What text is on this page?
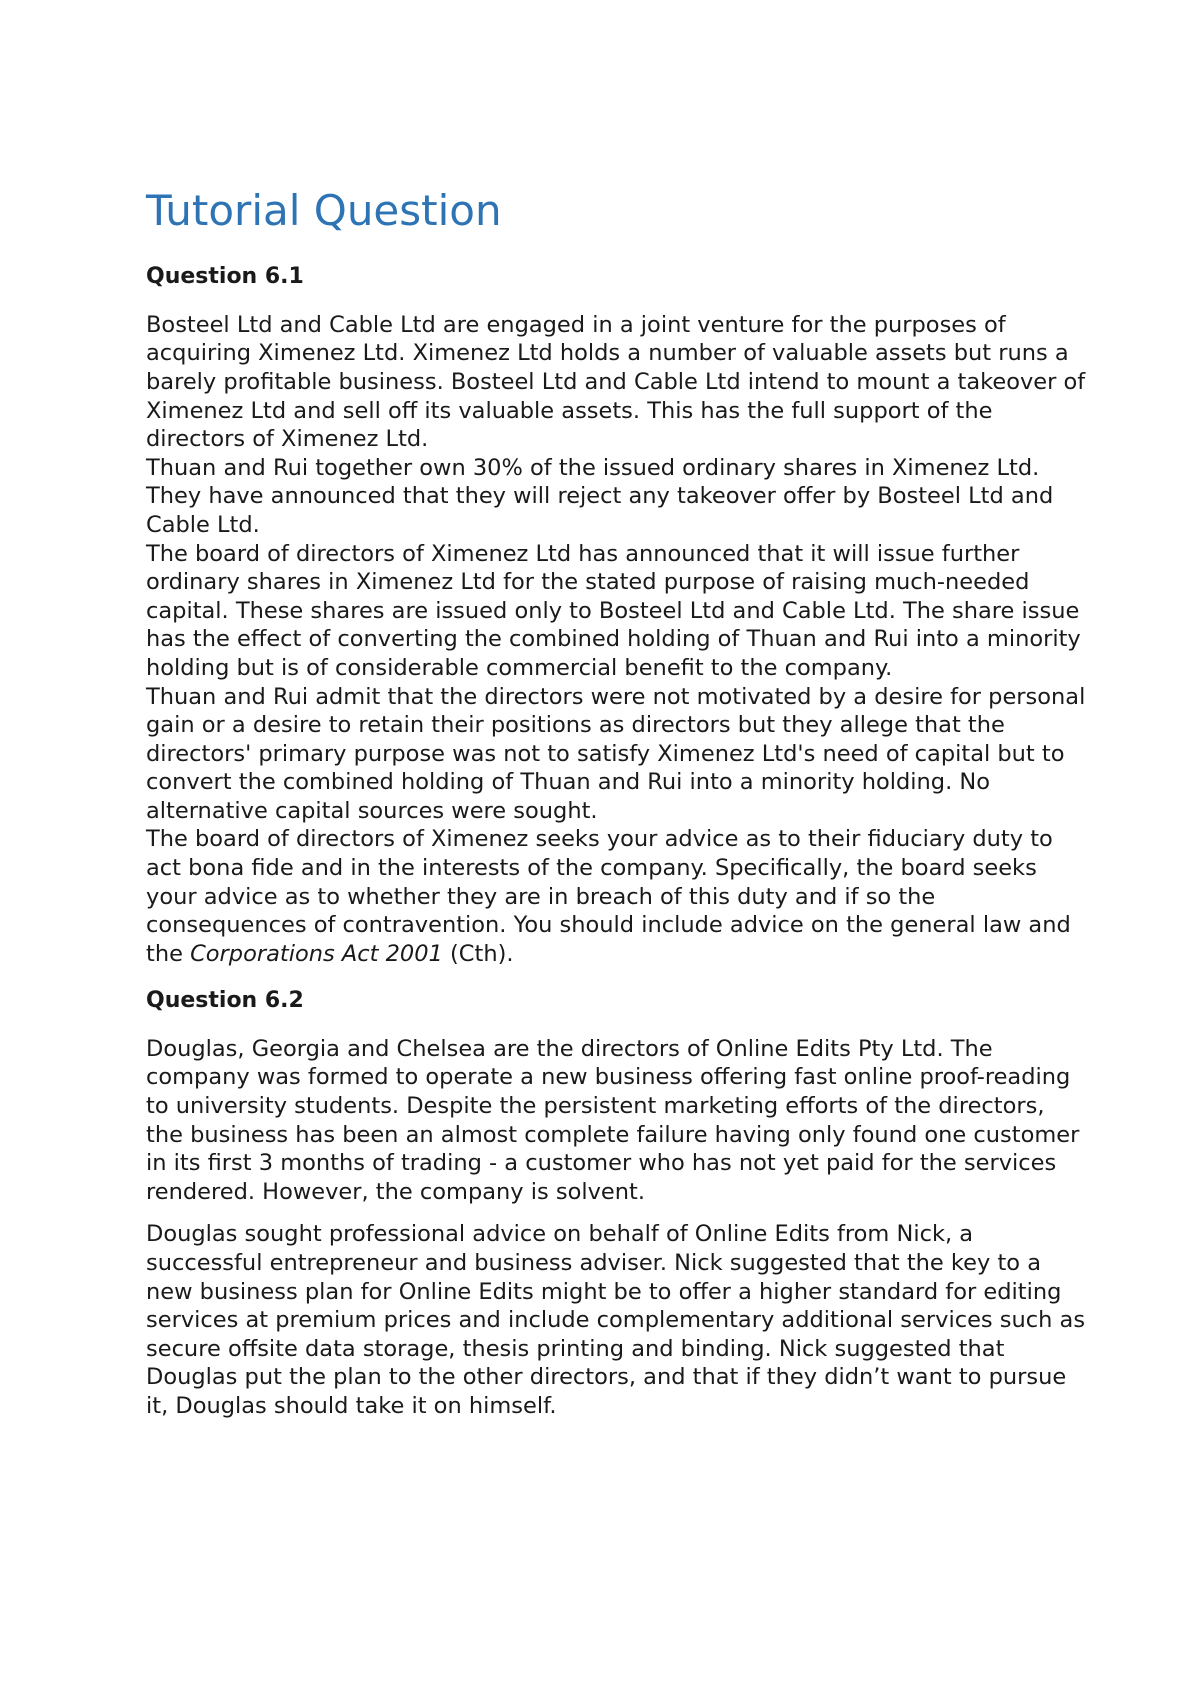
Tutorial Question
Question 6.1

Bosteel Ltd and Cable Ltd are engaged in a joint venture for the purposes of acquiring Ximenez Ltd. Ximenez Ltd holds a number of valuable assets but runs a barely profitable business. Bosteel Ltd and Cable Ltd intend to mount a takeover of Ximenez Ltd and sell off its valuable assets. This has the full support of the directors of Ximenez Ltd.

Thuan and Rui together own 30% of the issued ordinary shares in Ximenez Ltd. They have announced that they will reject any takeover offer by Bosteel Ltd and Cable Ltd.

The board of directors of Ximenez Ltd has announced that it will issue further ordinary shares in Ximenez Ltd for the stated purpose of raising much-needed capital. These shares are issued only to Bosteel Ltd and Cable Ltd. The share issue has the effect of converting the combined holding of Thuan and Rui into a minority holding but is of considerable commercial benefit to the company.

Thuan and Rui admit that the directors were not motivated by a desire for personal gain or a desire to retain their positions as directors but they allege that the directors' primary purpose was not to satisfy Ximenez Ltd's need of capital but to convert the combined holding of Thuan and Rui into a minority holding. No alternative capital sources were sought.

The board of directors of Ximenez seeks your advice as to their fiduciary duty to act bona fide and in the interests of the company. Specifically, the board seeks your advice as to whether they are in breach of this duty and if so the consequences of contravention. You should include advice on the general law and the Corporations Act 2001 (Cth).

Question 6.2

Douglas, Georgia and Chelsea are the directors of Online Edits Pty Ltd. The company was formed to operate a new business offering fast online proof-reading to university students. Despite the persistent marketing efforts of the directors, the business has been an almost complete failure having only found one customer in its first 3 months of trading - a customer who has not yet paid for the services rendered. However, the company is solvent.

Douglas sought professional advice on behalf of Online Edits from Nick, a successful entrepreneur and business adviser. Nick suggested that the key to a new business plan for Online Edits might be to offer a higher standard for editing services at premium prices and include complementary additional services such as secure offsite data storage, thesis printing and binding. Nick suggested that Douglas put the plan to the other directors, and that if they didn’t want to pursue it, Douglas should take it on himself.
